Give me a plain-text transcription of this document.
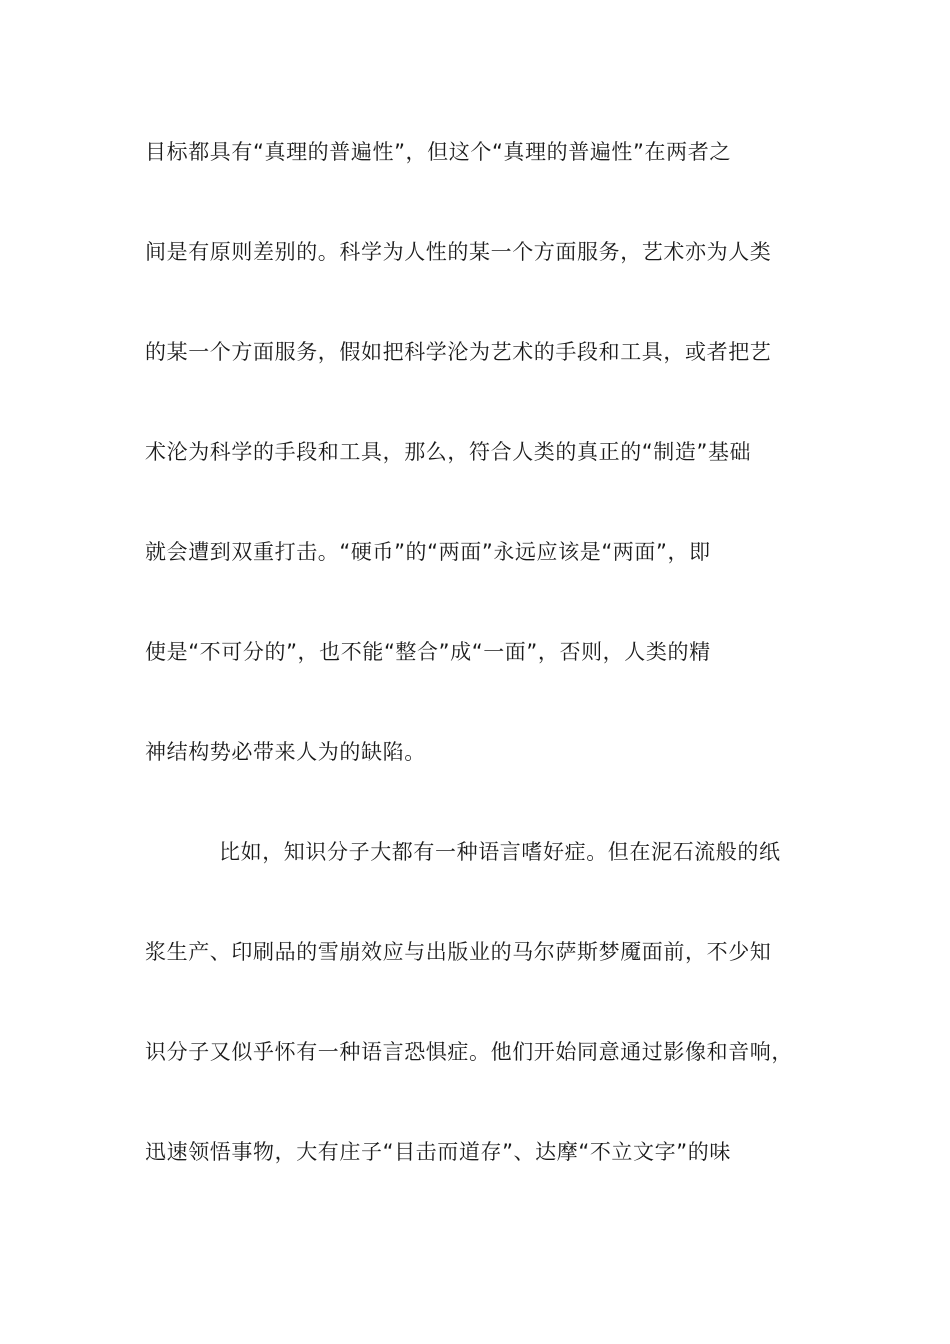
目标都具有“真理的普遍性”，但这个“真理的普遍性”在两者之
间是有原则差别的。科学为人性的某一个方面服务，艺术亦为人类
的某一个方面服务，假如把科学沦为艺术的手段和工具，或者把艺
术沦为科学的手段和工具，那么，符合人类的真正的“制造”基础
就会遭到双重打击。“硬币”的“两面”永远应该是“两面”，即
使是“不可分的”，也不能“整合”成“一面”，否则，人类的精
神结构势必带来人为的缺陷。
比如，知识分子大都有一种语言嗜好症。但在泥石流般的纸
浆生产、印刷品的雪崩效应与出版业的马尔萨斯梦魇面前，不少知
识分子又似乎怀有一种语言恐惧症。他们开始同意通过影像和音响，
迅速领悟事物，大有庄子“目击而道存”、达摩“不立文字”的味
